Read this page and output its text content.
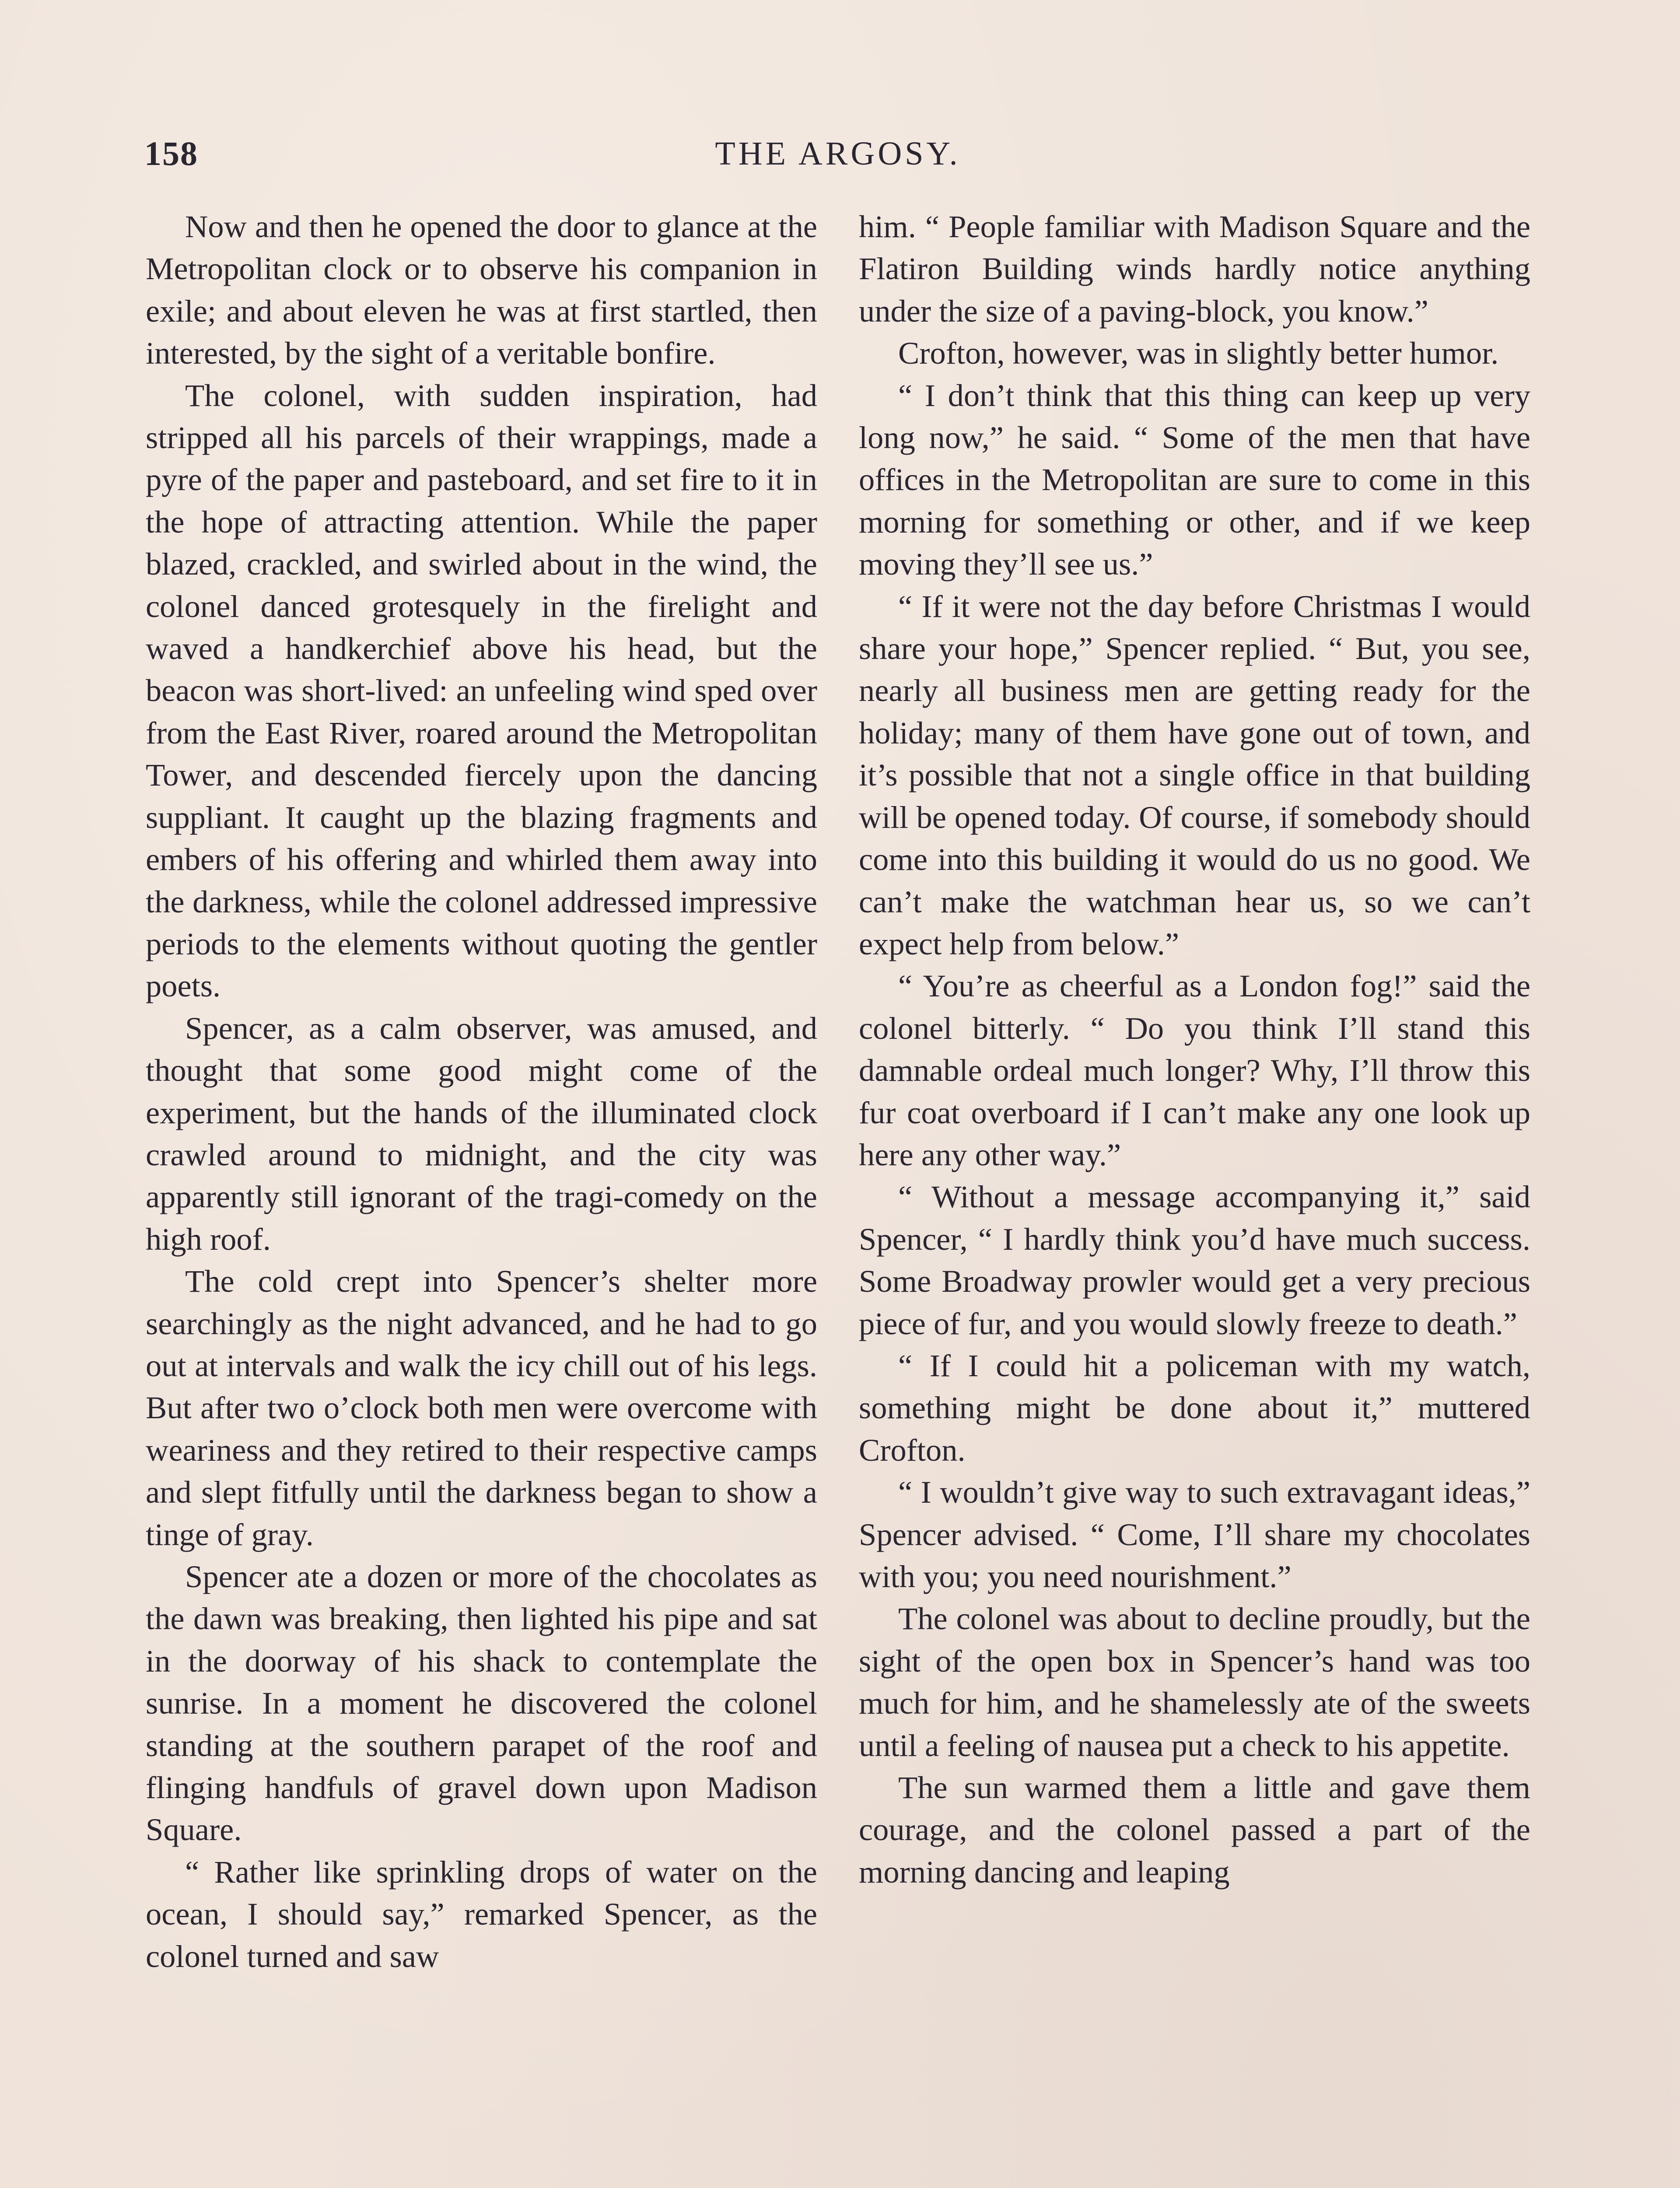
158	THE ARGOSY.

Now and then he opened the door to glance at the Metropolitan clock or to observe his companion in exile; and about eleven he was at first startled, then interested, by the sight of a veritable bonfire.

The colonel, with sudden inspiration, had stripped all his parcels of their wrappings, made a pyre of the paper and pasteboard, and set fire to it in the hope of attracting attention. While the paper blazed, crackled, and swirled about in the wind, the colonel danced grotesquely in the firelight and waved a handkerchief above his head, but the beacon was short-lived: an unfeeling wind sped over from the East River, roared around the Metropolitan Tower, and descended fiercely upon the dancing suppliant. It caught up the blazing fragments and embers of his offering and whirled them away into the darkness, while the colonel addressed impressive periods to the elements without quoting the gentler poets.

Spencer, as a calm observer, was amused, and thought that some good might come of the experiment, but the hands of the illuminated clock crawled around to midnight, and the city was apparently still ignorant of the tragi-comedy on the high roof.

The cold crept into Spencer’s shelter more searchingly as the night advanced, and he had to go out at intervals and walk the icy chill out of his legs. But after two o’clock both men were overcome with weariness and they retired to their respective camps and slept fitfully until the darkness began to show a tinge of gray.

Spencer ate a dozen or more of the chocolates as the dawn was breaking, then lighted his pipe and sat in the doorway of his shack to contemplate the sunrise. In a moment he discovered the colonel standing at the southern parapet of the roof and flinging handfuls of gravel down upon Madison Square.

“ Rather like sprinkling drops of water on the ocean, I should say,” remarked Spencer, as the colonel turned and saw

him. “ People familiar with Madison Square and the Flatiron Building winds hardly notice anything under the size of a paving-block, you know.”

Crofton, however, was in slightly better humor.

“ I don’t think that this thing can keep up very long now,” he said. “ Some of the men that have offices in the Metropolitan are sure to come in this morning for something or other, and if we keep moving they’ll see us.”

“ If it were not the day before Christmas I would share your hope,” Spencer replied. “ But, you see, nearly all business men are getting ready for the holiday; many of them have gone out of town, and it’s possible that not a single office in that building will be opened today. Of course, if somebody should come into this building it would do us no good. We can’t make the watchman hear us, so we can’t expect help from below.”

“ You’re as cheerful as a London fog!” said the colonel bitterly. “ Do you think I’ll stand this damnable ordeal much longer? Why, I’ll throw this fur coat overboard if I can’t make any one look up here any other way.”

“ Without a message accompanying it,” said Spencer, “ I hardly think you’d have much success. Some Broadway prowler would get a very precious piece of fur, and you would slowly freeze to death.”

“ If I could hit a policeman with my watch, something might be done about it,” muttered Crofton.

“ I wouldn’t give way to such extravagant ideas,” Spencer advised. “ Come, I’ll share my chocolates with you; you need nourishment.”

The colonel was about to decline proudly, but the sight of the open box in Spencer’s hand was too much for him, and he shamelessly ate of the sweets until a feeling of nausea put a check to his appetite.

The sun warmed them a little and gave them courage, and the colonel passed a part of the morning dancing and leaping
